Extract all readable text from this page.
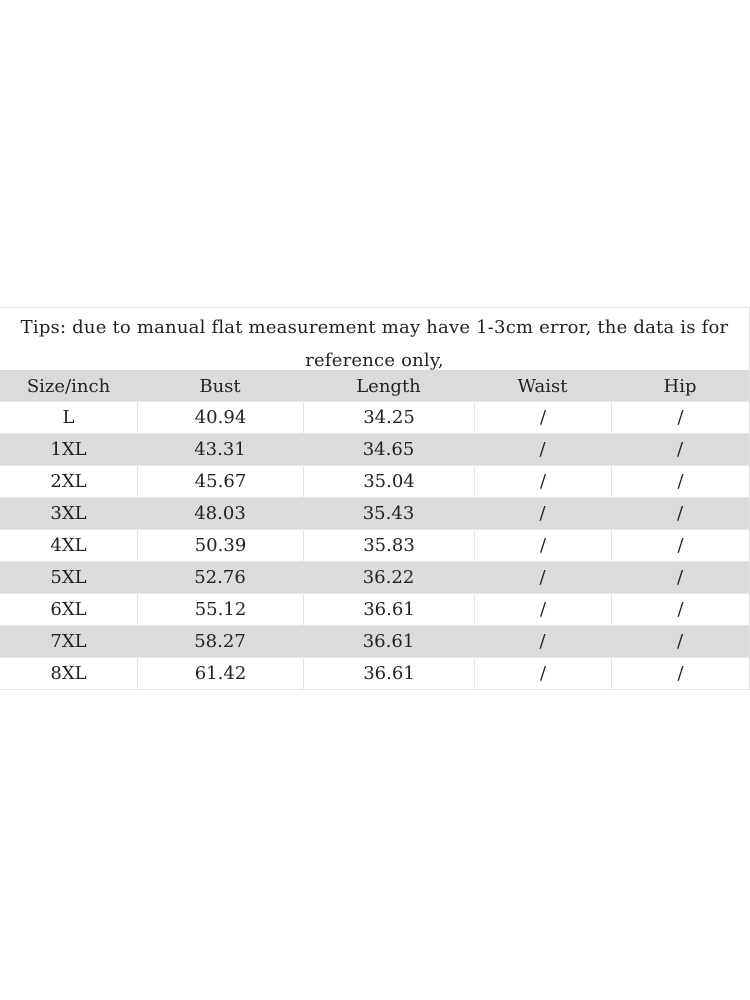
Tips: due to manual flat measurement may have 1-3cm error, the data is for reference only,
Size/inch	Bust	Length	Waist	Hip
L	40.94	34.25	/	/
1XL	43.31	34.65	/	/
2XL	45.67	35.04	/	/
3XL	48.03	35.43	/	/
4XL	50.39	35.83	/	/
5XL	52.76	36.22	/	/
6XL	55.12	36.61	/	/
7XL	58.27	36.61	/	/
8XL	61.42	36.61	/	/
